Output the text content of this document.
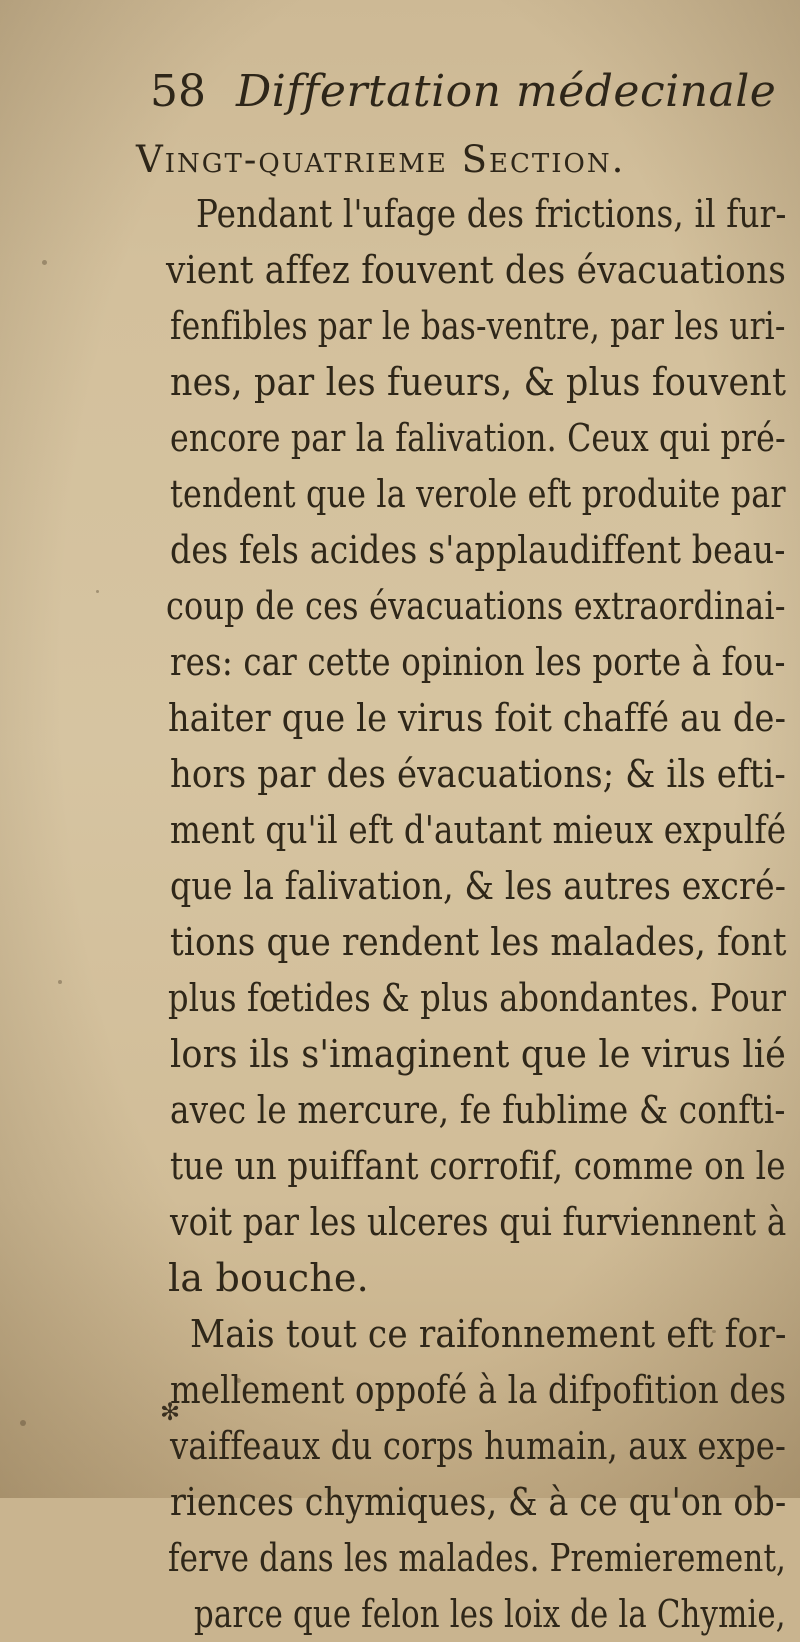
58 Differtation médecinale
Vingt-quatrieme Section.
Pendant l'ufage des frictions, il fur-
vient affez fouvent des évacuations
fenfibles par le bas-ventre, par les uri-
nes, par les fueurs, & plus fouvent
encore par la falivation. Ceux qui pré-
tendent que la verole eft produite par
des fels acides s'applaudiffent beau-
coup de ces évacuations extraordinai-
res: car cette opinion les porte à fou-
haiter que le virus foit chaffé au de-
hors par des évacuations; & ils efti-
ment qu'il eft d'autant mieux expulfé
que la falivation, & les autres excré-
tions que rendent les malades, font
plus fœtides & plus abondantes. Pour
lors ils s'imaginent que le virus lié
avec le mercure, fe fublime & confti-
tue un puiffant corrofif, comme on le
voit par les ulceres qui furviennent à
la bouche.
Mais tout ce raifonnement eft for-
mellement oppofé à la difpofition des
vaiffeaux du corps humain, aux expe-
riences chymiques, & à ce qu'on ob-
ferve dans les malades. Premierement,
parce que felon les loix de la Chymie,
✻
